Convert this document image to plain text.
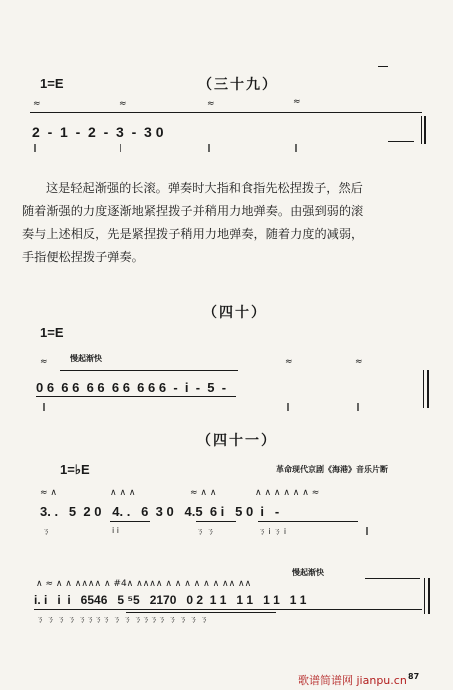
1=E	（三十九）
≈	≈	≈	≈
2  -  1  -  2  -  3  -  3 0
‖	|	‖	‖

这是轻起渐强的长滚。弹奏时大指和食指先松捏拨子，然后

随着渐强的力度逐渐地紧捏拨子并稍用力地弹奏。由强到弱的滚

奏与上述相反，先是紧捏拨子稍用力地弹奏，随着力度的减弱，

手指便松捏拨子弹奏。

（四十）
1=E
慢起渐快
≈	≈	≈
0 6  6 6  6 6  6 6  6 6 6  -  i  -  5  -
‖	‖	‖
（四十一）
1=♭E	革命现代京剧《海港》音乐片断
≈ ∧	∧ ∧ ∧	≈ ∧ ∧	∧ ∧ ∧ ∧ ∧ ∧ ≈
3. .   5  2 0   4. .   6  3 0   4.5  6 i   5 0  i   -
ㄋ	i i	ㄋ ㄋ	ㄋ i ㄋ i	‖
慢起渐快
∧ ≈ ∧ ∧ ∧∧∧∧ ∧ #4∧ ∧∧∧∧ ∧ ∧ ∧ ∧ ∧ ∧ ∧∧ ∧∧
i. i   i  i   6546   5 ⁵5   2170   0 2  1 1   1 1   1 1   1 1
ㄋ ㄋ ㄋ ㄋ ㄋㄋㄋㄋ ㄋ ㄋ ㄋㄋㄋㄋ ㄋ ㄋ ㄋ ㄋ
87
歌谱简谱网 jianpu.cn
